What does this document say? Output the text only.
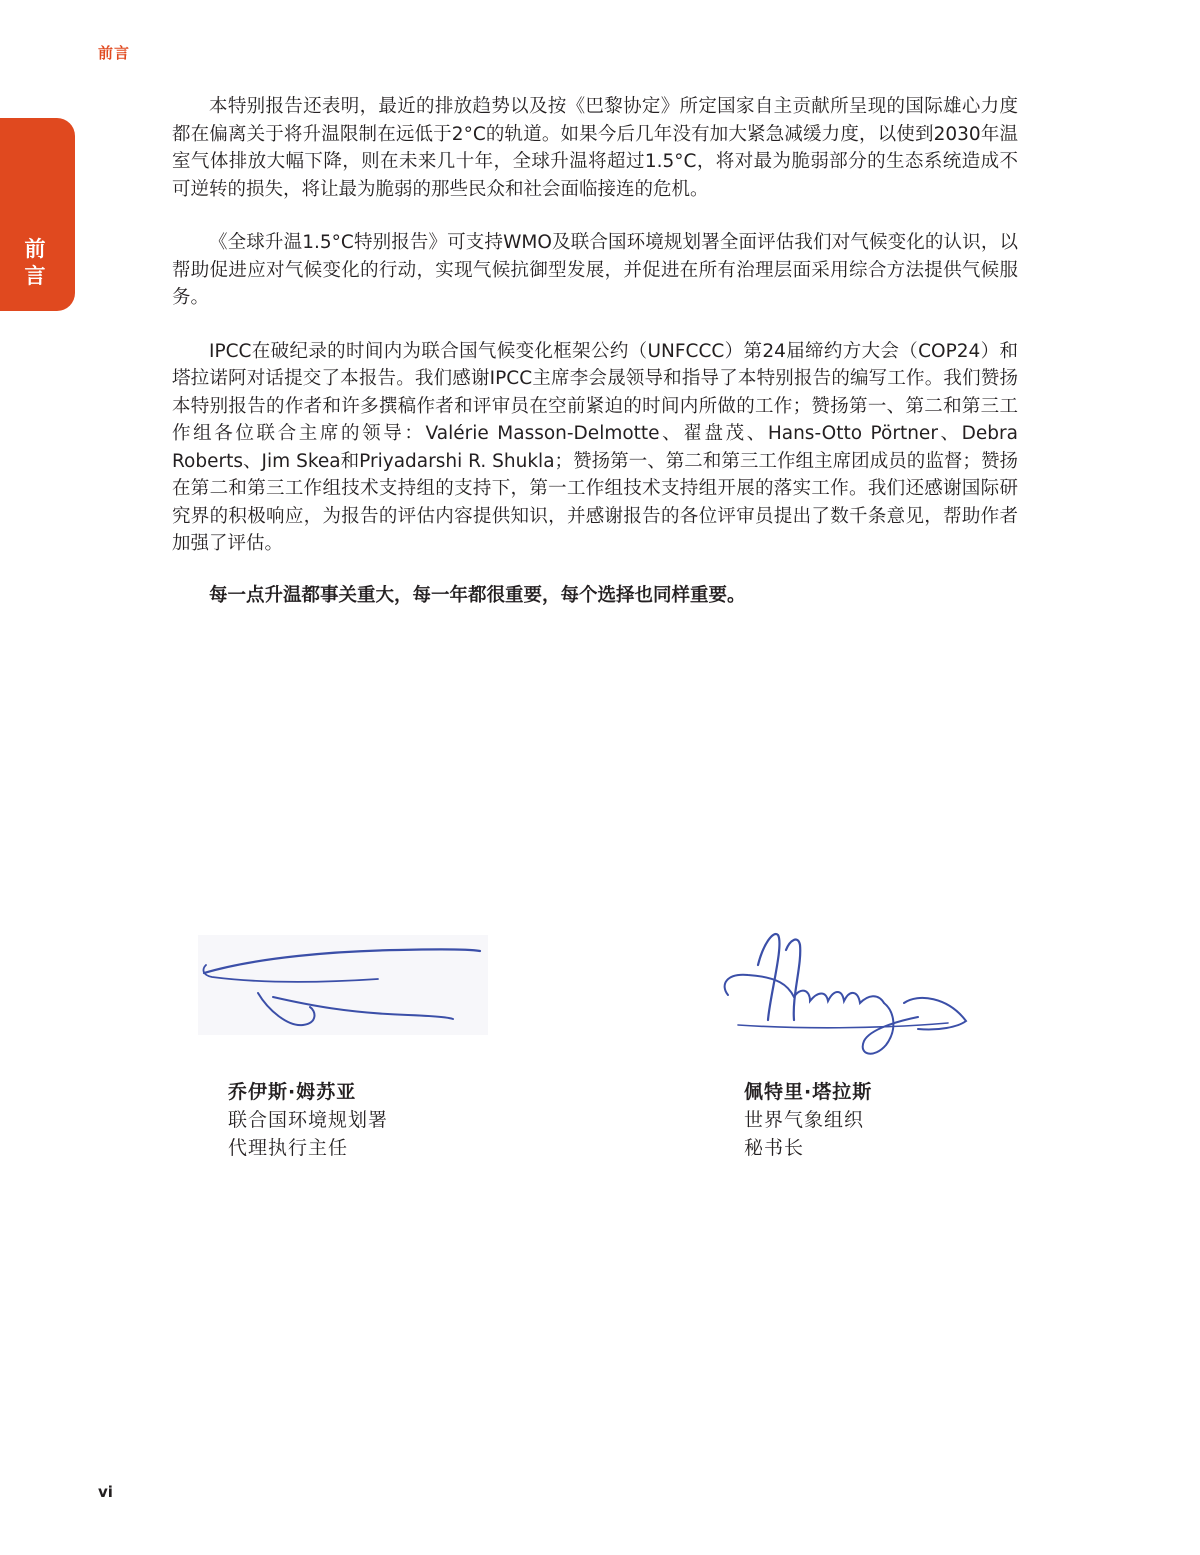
前言
前言

本特别报告还表明，最近的排放趋势以及按《巴黎协定》所定国家自主贡献所呈现的国际雄心力度都在偏离关于将升温限制在远低于2°C的轨道。如果今后几年没有加大紧急减缓力度，以使到2030年温室气体排放大幅下降，则在未来几十年，全球升温将超过1.5°C，将对最为脆弱部分的生态系统造成不可逆转的损失，将让最为脆弱的那些民众和社会面临接连的危机。

《全球升温1.5°C特别报告》可支持WMO及联合国环境规划署全面评估我们对气候变化的认识，以帮助促进应对气候变化的行动，实现气候抗御型发展，并促进在所有治理层面采用综合方法提供气候服务。

IPCC在破纪录的时间内为联合国气候变化框架公约（UNFCCC）第24届缔约方大会（COP24）和塔拉诺阿对话提交了本报告。我们感谢IPCC主席李会晟领导和指导了本特别报告的编写工作。我们赞扬本特别报告的作者和许多撰稿作者和评审员在空前紧迫的时间内所做的工作；赞扬第一、第二和第三工作组各位联合主席的领导：Valérie Masson-Delmotte、翟盘茂、Hans-Otto Pörtner、Debra Roberts、Jim Skea和Priyadarshi R. Shukla；赞扬第一、第二和第三工作组主席团成员的监督；赞扬在第二和第三工作组技术支持组的支持下，第一工作组技术支持组开展的落实工作。我们还感谢国际研究界的积极响应，为报告的评估内容提供知识，并感谢报告的各位评审员提出了数千条意见，帮助作者加强了评估。

每一点升温都事关重大，每一年都很重要，每个选择也同样重要。

乔伊斯·姆苏亚
联合国环境规划署
代理执行主任
佩特里·塔拉斯
世界气象组织
秘书长
vi
